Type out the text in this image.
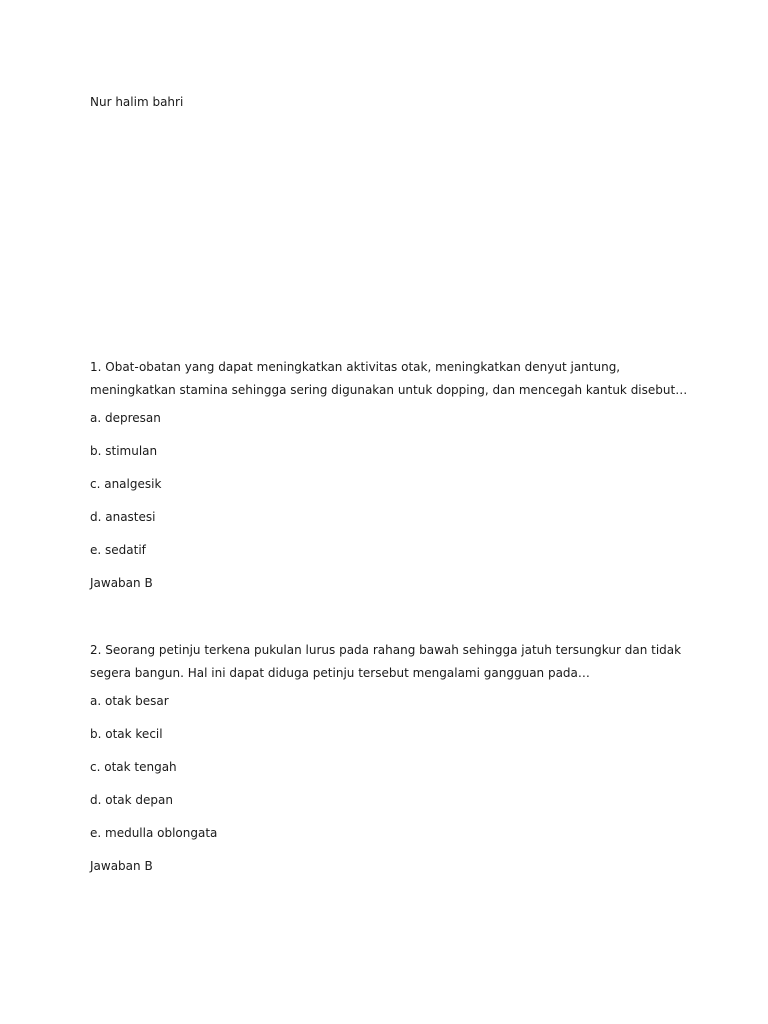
Nur halim bahri
1. Obat-obatan yang dapat meningkatkan aktivitas otak, meningkatkan denyut jantung, meningkatkan stamina sehingga sering digunakan untuk dopping, dan mencegah kantuk disebut…
a. depresan
b. stimulan
c. analgesik
d. anastesi
e. sedatif
Jawaban B
2. Seorang petinju terkena pukulan lurus pada rahang bawah sehingga jatuh tersungkur dan tidak segera bangun. Hal ini dapat diduga petinju tersebut mengalami gangguan pada…
a. otak besar
b. otak kecil
c. otak tengah
d. otak depan
e. medulla oblongata
Jawaban B
